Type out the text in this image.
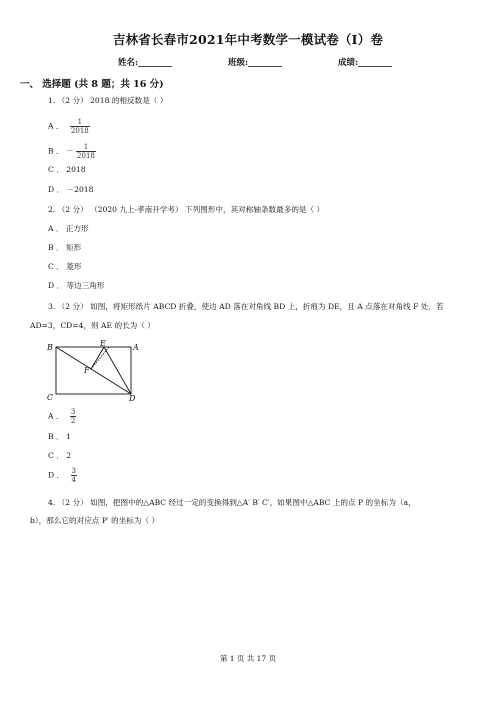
吉林省长春市2021年中考数学一模试卷（I）卷
姓名:________	班级:________	成绩:________
一、 选择题 (共 8 题；共 16 分)
1. （2 分） 2018 的相反数是（ ）
A ． $\frac{1}{2018}$
B ． － $\frac{1}{2018}$
C ． 2018
D ． －2018
2. （2 分） （2020 九上·孝南开学考） 下列图形中，其对称轴条数最多的是（ ）
A ． 正方形
B ． 矩形
C ． 菱形
D ． 等边三角形
3. （2 分） 如图，将矩形纸片 ABCD 折叠，使边 AD 落在对角线 BD 上，折痕为 DE，且 A 点落在对角线 F 处．若
AD=3，CD=4，则 AE 的长为（ ）
B	E	A
F
C	D
A ． $\frac{3}{2}$
B ． 1
C ． 2
D ． $\frac{3}{4}$
4. （2 分） 如图，把图中的△ABC 经过一定的变换得到△A′ B′ C′，如果图中△ABC 上的点 P 的坐标为（a，
b），那么它的对应点 P′ 的坐标为（ ）
第 1 页 共 17 页
